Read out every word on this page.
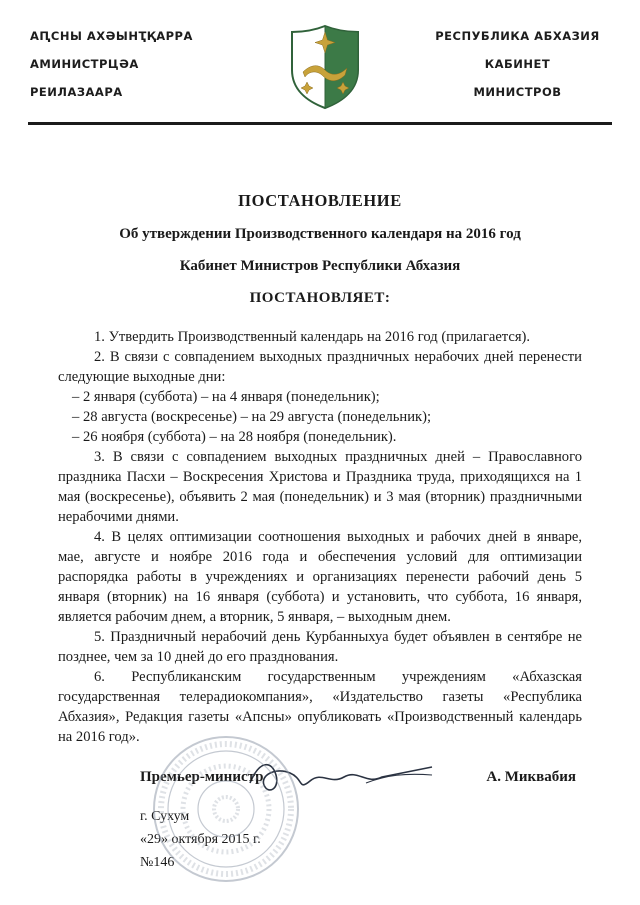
АԤСНЫ АХӘЫНҬҚАРРА
АМИНИСТРЦӘА
РЕИЛАЗААРА
РЕСПУБЛИКА АБХАЗИЯ
КАБИНЕТ
МИНИСТРОВ
ПОСТАНОВЛЕНИЕ
Об утверждении Производственного календаря на 2016 год
Кабинет Министров Республики Абхазия
ПОСТАНОВЛЯЕТ:

1. Утвердить Производственный календарь на 2016 год (прилагается).

2. В связи с совпадением выходных праздничных нерабочих дней перенести следующие выходные дни:

– 2 января (суббота) – на 4 января (понедельник);
– 28 августа (воскресенье) – на 29 августа (понедельник);
– 26 ноября (суббота) – на 28 ноября (понедельник).

3. В связи с совпадением выходных праздничных дней – Православного праздника Пасхи – Воскресения Христова и Праздника труда, приходящихся на 1 мая (воскресенье), объявить 2 мая (понедельник) и 3 мая (вторник) праздничными нерабочими днями.

4. В целях оптимизации соотношения выходных и рабочих дней в январе, мае, августе и ноябре 2016 года и обеспечения условий для оптимизации распорядка работы в учреждениях и организациях перенести рабочий день 5 января (вторник) на 16 января (суббота) и установить, что суббота, 16 января, является рабочим днем, а вторник, 5 января, – выходным днем.

5. Праздничный нерабочий день Курбанныхуа будет объявлен в сентябре не позднее, чем за 10 дней до его празднования.

6. Республиканским государственным учреждениям «Абхазская государственная телерадиокомпания», «Издательство газеты «Республика Абхазия», Редакция газеты «Апсны» опубликовать «Производственный календарь на 2016 год».

Премьер-министр	А. Миквабия
г. Сухум
«29» октября 2015 г.
№146
